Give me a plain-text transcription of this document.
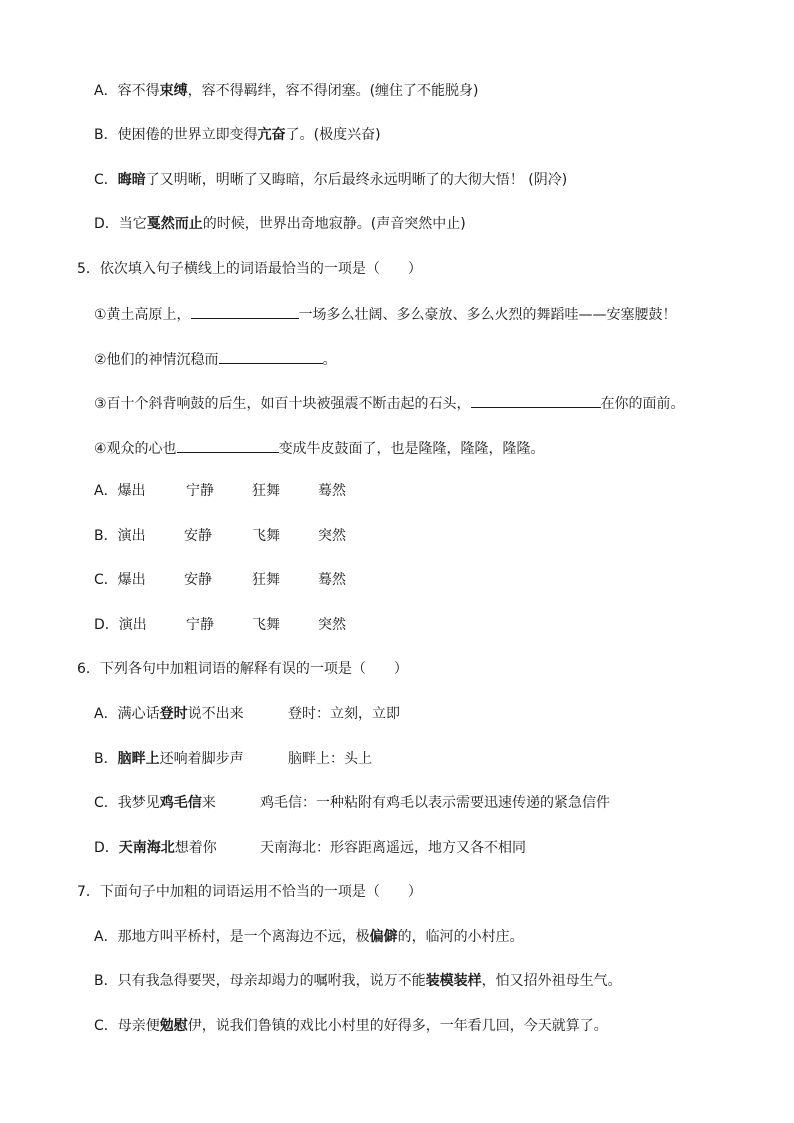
A．容不得束缚，容不得羁绊，容不得闭塞。(缠住了不能脱身)
B．使困倦的世界立即变得亢奋了。(极度兴奋)
C．晦暗了又明晰，明晰了又晦暗，尔后最终永远明晰了的大彻大悟！ (阴冷)
D．当它戛然而止的时候，世界出奇地寂静。(声音突然中止)
5．依次填入句子横线上的词语最恰当的一项是（　　）
①黄土高原上，	一场多么壮阔、多么豪放、多么火烈的舞蹈哇——安塞腰鼓！
②他们的神情沉稳而	。
③百十个斜背响鼓的后生，如百十块被强震不断击起的石头，	在你的面前。
④观众的心也	变成牛皮鼓面了，也是隆隆，隆隆，隆隆。
A．爆出	宁静	狂舞	蓦然
B．演出	安静	飞舞	突然
C．爆出	安静	狂舞	蓦然
D．演出	宁静	飞舞	突然
6．下列各句中加粗词语的解释有误的一项是（　　）
A．满心话登时说不出来	登时：立刻，立即
B．脑畔上还响着脚步声	脑畔上：头上
C．我梦见鸡毛信来	鸡毛信：一种粘附有鸡毛以表示需要迅速传递的紧急信件
D．天南海北想着你	天南海北：形容距离遥远，地方又各不相同
7．下面句子中加粗的词语运用不恰当的一项是（　　）
A．那地方叫平桥村，是一个离海边不远，极偏僻的，临河的小村庄。
B．只有我急得要哭，母亲却竭力的嘱咐我，说万不能装模装样，怕又招外祖母生气。
C．母亲便勉慰伊，说我们鲁镇的戏比小村里的好得多，一年看几回，今天就算了。
